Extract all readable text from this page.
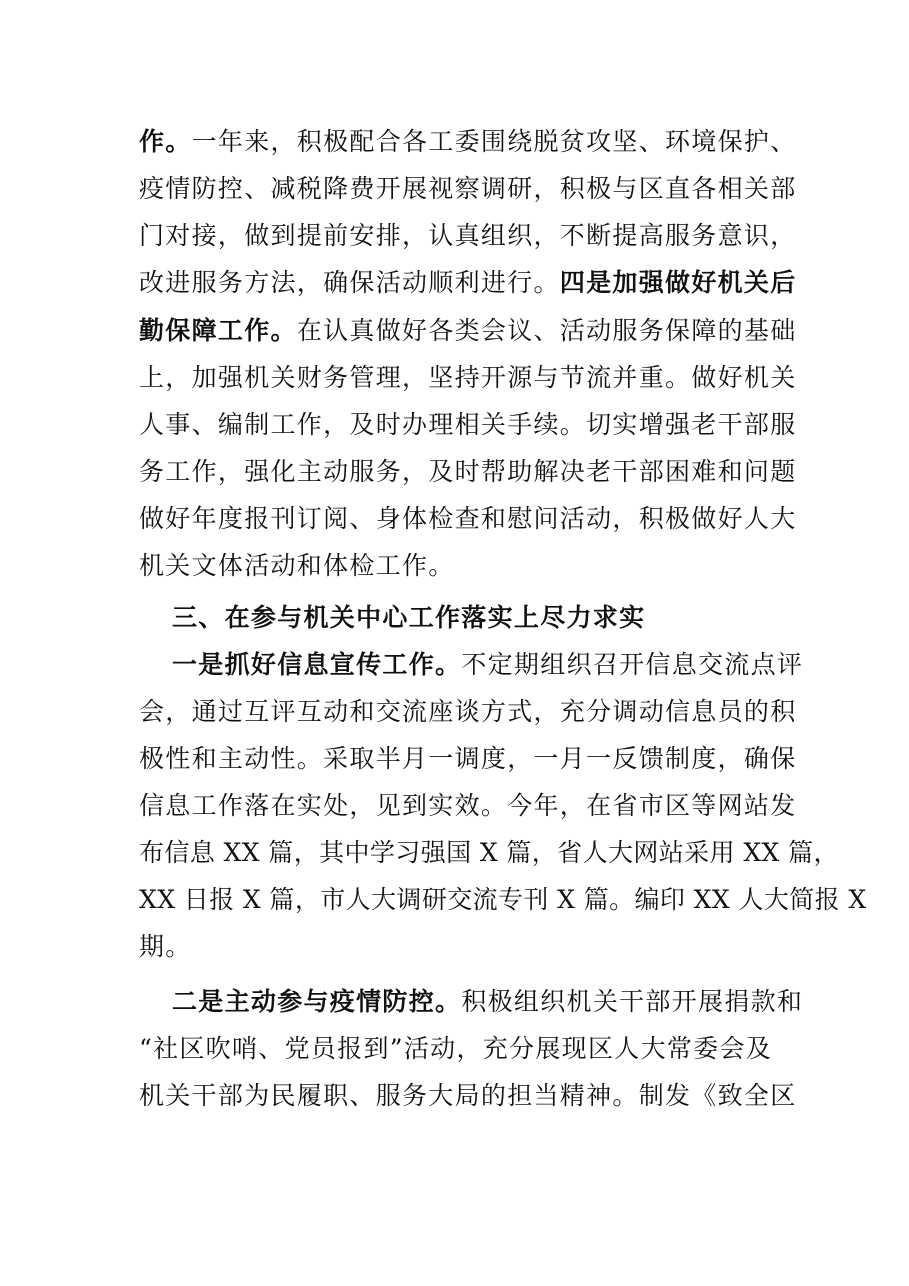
作。一年来，积极配合各工委围绕脱贫攻坚、环境保护、
疫情防控、减税降费开展视察调研，积极与区直各相关部
门对接，做到提前安排，认真组织，不断提高服务意识，
改进服务方法，确保活动顺利进行。四是加强做好机关后
勤保障工作。在认真做好各类会议、活动服务保障的基础
上，加强机关财务管理，坚持开源与节流并重。做好机关
人事、编制工作，及时办理相关手续。切实增强老干部服
务工作，强化主动服务，及时帮助解决老干部困难和问题
做好年度报刊订阅、身体检查和慰问活动，积极做好人大
机关文体活动和体检工作。
三、在参与机关中心工作落实上尽力求实
一是抓好信息宣传工作。不定期组织召开信息交流点评
会，通过互评互动和交流座谈方式，充分调动信息员的积
极性和主动性。采取半月一调度，一月一反馈制度，确保
信息工作落在实处，见到实效。今年，在省市区等网站发
布信息 XX 篇，其中学习强国 X 篇，省人大网站采用 XX 篇，
XX 日报 X 篇，市人大调研交流专刊 X 篇。编印 XX 人大简报 X
期。
二是主动参与疫情防控。积极组织机关干部开展捐款和
“社区吹哨、党员报到”活动，充分展现区人大常委会及
机关干部为民履职、服务大局的担当精神。制发《致全区
